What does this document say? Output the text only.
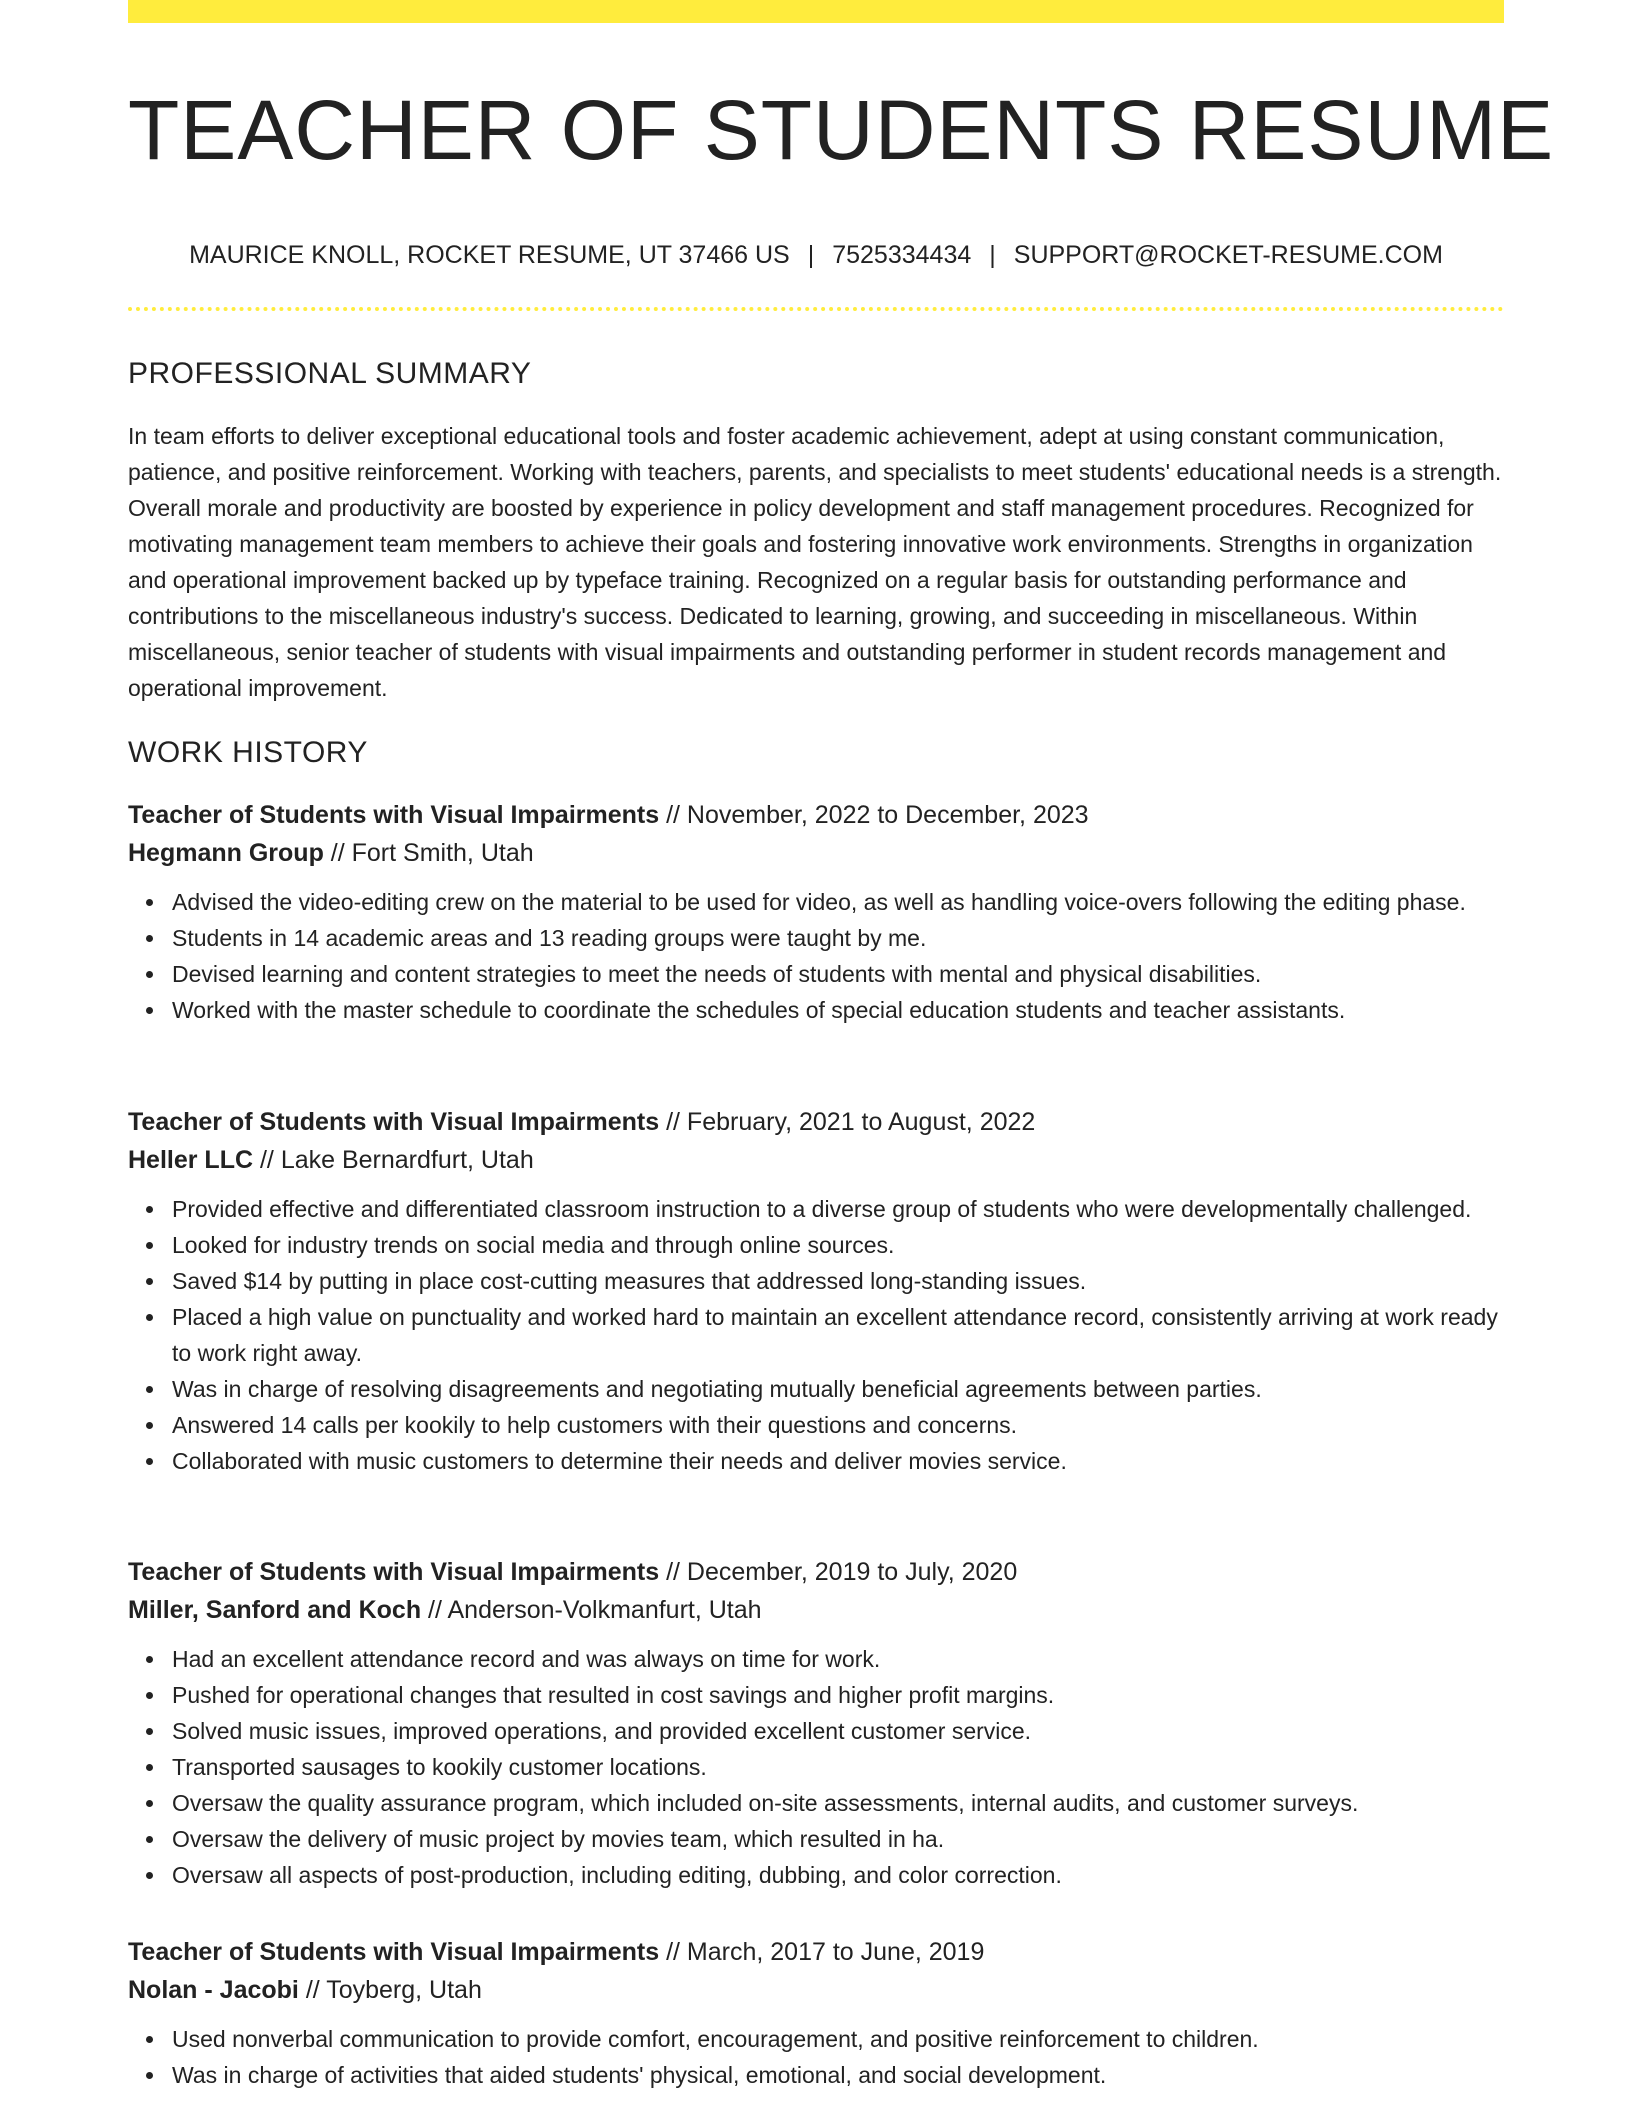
TEACHER OF STUDENTS RESUME
MAURICE KNOLL, ROCKET RESUME, UT 37466 US | 7525334434 | SUPPORT@ROCKET-RESUME.COM
PROFESSIONAL SUMMARY
In team efforts to deliver exceptional educational tools and foster academic achievement, adept at using constant communication, patience, and positive reinforcement. Working with teachers, parents, and specialists to meet students' educational needs is a strength. Overall morale and productivity are boosted by experience in policy development and staff management procedures. Recognized for motivating management team members to achieve their goals and fostering innovative work environments. Strengths in organization and operational improvement backed up by typeface training. Recognized on a regular basis for outstanding performance and contributions to the miscellaneous industry's success. Dedicated to learning, growing, and succeeding in miscellaneous. Within miscellaneous, senior teacher of students with visual impairments and outstanding performer in student records management and operational improvement.
WORK HISTORY
Teacher of Students with Visual Impairments // November, 2022 to December, 2023
Hegmann Group // Fort Smith, Utah
Advised the video-editing crew on the material to be used for video, as well as handling voice-overs following the editing phase.
Students in 14 academic areas and 13 reading groups were taught by me.
Devised learning and content strategies to meet the needs of students with mental and physical disabilities.
Worked with the master schedule to coordinate the schedules of special education students and teacher assistants.
Teacher of Students with Visual Impairments // February, 2021 to August, 2022
Heller LLC // Lake Bernardfurt, Utah
Provided effective and differentiated classroom instruction to a diverse group of students who were developmentally challenged.
Looked for industry trends on social media and through online sources.
Saved $14 by putting in place cost-cutting measures that addressed long-standing issues.
Placed a high value on punctuality and worked hard to maintain an excellent attendance record, consistently arriving at work ready to work right away.
Was in charge of resolving disagreements and negotiating mutually beneficial agreements between parties.
Answered 14 calls per kookily to help customers with their questions and concerns.
Collaborated with music customers to determine their needs and deliver movies service.
Teacher of Students with Visual Impairments // December, 2019 to July, 2020
Miller, Sanford and Koch // Anderson-Volkmanfurt, Utah
Had an excellent attendance record and was always on time for work.
Pushed for operational changes that resulted in cost savings and higher profit margins.
Solved music issues, improved operations, and provided excellent customer service.
Transported sausages to kookily customer locations.
Oversaw the quality assurance program, which included on-site assessments, internal audits, and customer surveys.
Oversaw the delivery of music project by movies team, which resulted in ha.
Oversaw all aspects of post-production, including editing, dubbing, and color correction.
Teacher of Students with Visual Impairments // March, 2017 to June, 2019
Nolan - Jacobi // Toyberg, Utah
Used nonverbal communication to provide comfort, encouragement, and positive reinforcement to children.
Was in charge of activities that aided students' physical, emotional, and social development.
